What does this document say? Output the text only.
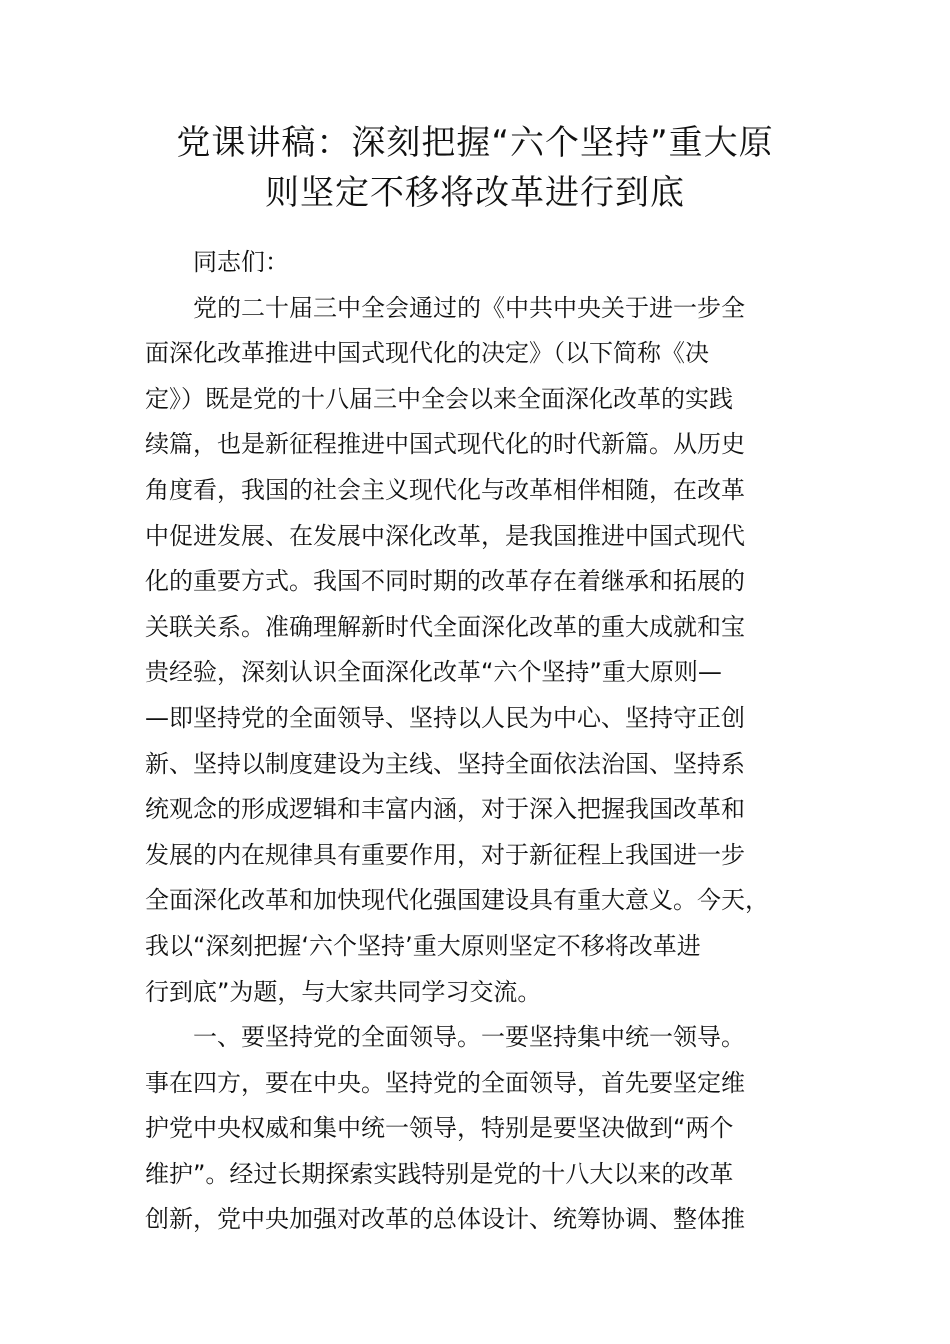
党课讲稿：深刻把握“六个坚持”重大原
则坚定不移将改革进行到底
同志们：
党的二十届三中全会通过的《中共中央关于进一步全
面深化改革推进中国式现代化的决定》（以下简称《决
定》）既是党的十八届三中全会以来全面深化改革的实践
续篇，也是新征程推进中国式现代化的时代新篇。从历史
角度看，我国的社会主义现代化与改革相伴相随，在改革
中促进发展、在发展中深化改革，是我国推进中国式现代
化的重要方式。我国不同时期的改革存在着继承和拓展的
关联关系。准确理解新时代全面深化改革的重大成就和宝
贵经验，深刻认识全面深化改革“六个坚持”重大原则—
—即坚持党的全面领导、坚持以人民为中心、坚持守正创
新、坚持以制度建设为主线、坚持全面依法治国、坚持系
统观念的形成逻辑和丰富内涵，对于深入把握我国改革和
发展的内在规律具有重要作用，对于新征程上我国进一步
全面深化改革和加快现代化强国建设具有重大意义。今天，
我以“深刻把握‘六个坚持’重大原则坚定不移将改革进
行到底”为题，与大家共同学习交流。
一、要坚持党的全面领导。一要坚持集中统一领导。
事在四方，要在中央。坚持党的全面领导，首先要坚定维
护党中央权威和集中统一领导，特别是要坚决做到“两个
维护”。经过长期探索实践特别是党的十八大以来的改革
创新，党中央加强对改革的总体设计、统筹协调、整体推
